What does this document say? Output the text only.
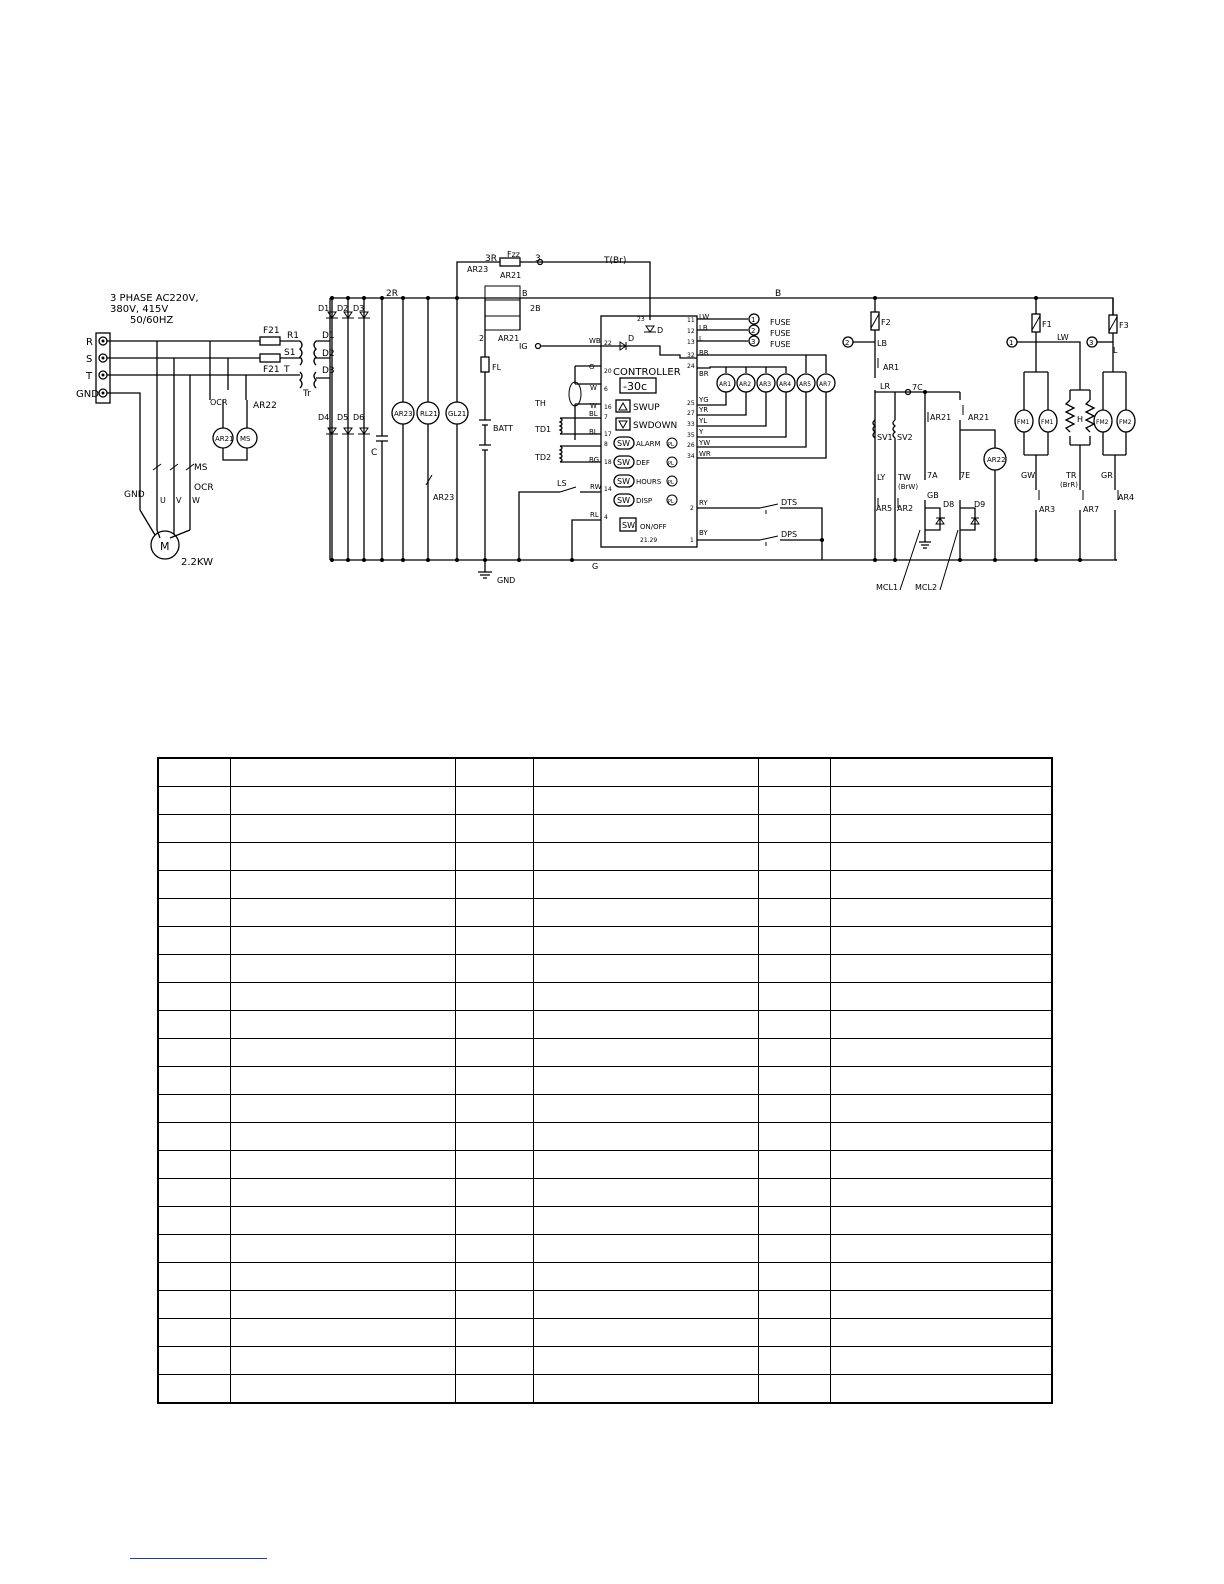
3 PHASE AC220V,
380V, 415V
50/60HZ
R
S
T
GND
F21
F21
R1
S1
T
Tr
OCR	AR22
AR21 MS
MS
OCR
GND
U V W
M
2.2KW
D1 D2 D3
D4 D5 D6
D1
D2
D3
2R
C
AR23 RL21 GL21
AR23
3R Fzz 3	T(Br)
AR23
AR21
AR21
B
2B
2
FL
BATT
GND
B
CONTROLLER
-30c
SWUP
SWDOWN
SW ALARM PL
SW DEF	PL
SW HOURS PL
SW DISP	PL
SW ON/OFF
21.29
23
22
20
6
16
7
17
8
18
14
4
11
12
13
32
24
25
27
33
35
26
34
2
1
D
IG
WB	D
1 FUSE
2 FUSE
3 FUSE
LW
LB
L
BR
BR
YG
YR
YL
Y
YW
WR
RY
BY
AR1 AR2 AR3 AR4 AR5 AR7
TH
TD1
TD2
G
W
BL
W
BL
BG
RW
RL
LS
G
DTS
DPS
F2
2	LB
AR1
LR	7C
SV1 SV2
LY TW
(BrW)
AR5 AR2
AR21
7A
GB
D8
AR21
7E
D9
AR22
MCL1 MCL2
F1
1
LW
FM1 FM1
GW
AR3
H
TR
(BrR)
AR7
F3
3
L
FM2 FM2
GR
AR4
